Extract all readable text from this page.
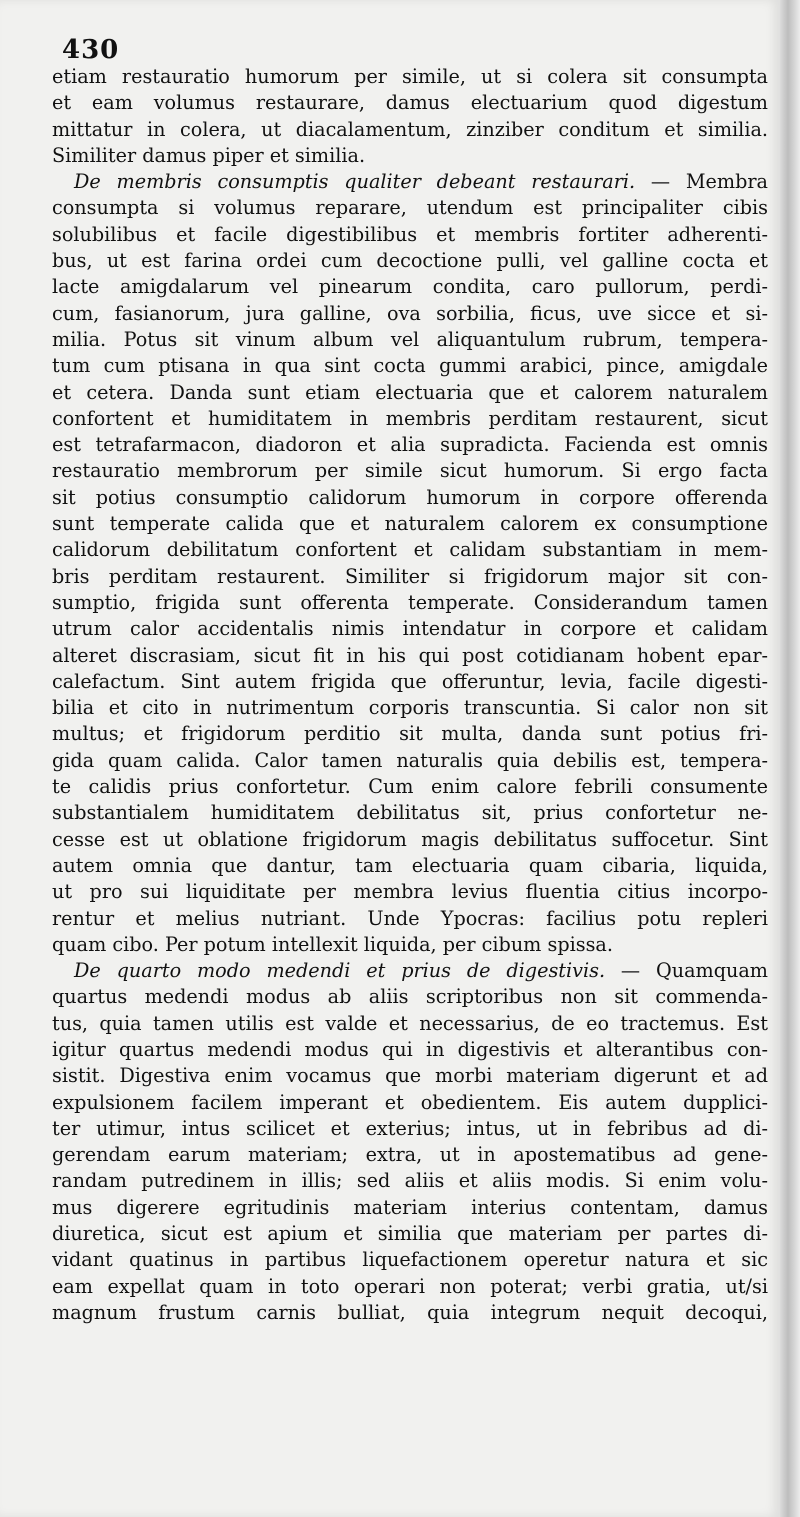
430
etiam restauratio humorum per simile, ut si colera sit consumpta
et eam volumus restaurare, damus electuarium quod digestum
mittatur in colera, ut diacalamentum, zinziber conditum et similia.
Similiter damus piper et similia.
De membris consumptis qualiter debeant restaurari. — Membra
consumpta si volumus reparare, utendum est principaliter cibis
solubilibus et facile digestibilibus et membris fortiter adherenti-
bus, ut est farina ordei cum decoctione pulli, vel galline cocta et
lacte amigdalarum vel pinearum condita, caro pullorum, perdi-
cum, fasianorum, jura galline, ova sorbilia, ficus, uve sicce et si-
milia. Potus sit vinum album vel aliquantulum rubrum, tempera-
tum cum ptisana in qua sint cocta gummi arabici, pince, amigdale
et cetera. Danda sunt etiam electuaria que et calorem naturalem
confortent et humiditatem in membris perditam restaurent, sicut
est tetrafarmacon, diadoron et alia supradicta. Facienda est omnis
restauratio membrorum per simile sicut humorum. Si ergo facta
sit potius consumptio calidorum humorum in corpore offerenda
sunt temperate calida que et naturalem calorem ex consumptione
calidorum debilitatum confortent et calidam substantiam in mem-
bris perditam restaurent. Similiter si frigidorum major sit con-
sumptio, frigida sunt offerenta temperate. Considerandum tamen
utrum calor accidentalis nimis intendatur in corpore et calidam
alteret discrasiam, sicut fit in his qui post cotidianam hobent epar-
calefactum. Sint autem frigida que offeruntur, levia, facile digesti-
bilia et cito in nutrimentum corporis transcuntia. Si calor non sit
multus; et frigidorum perditio sit multa, danda sunt potius fri-
gida quam calida. Calor tamen naturalis quia debilis est, tempera-
te calidis prius confortetur. Cum enim calore febrili consumente
substantialem humiditatem debilitatus sit, prius confortetur ne-
cesse est ut oblatione frigidorum magis debilitatus suffocetur. Sint
autem omnia que dantur, tam electuaria quam cibaria, liquida,
ut pro sui liquiditate per membra levius fluentia citius incorpo-
rentur et melius nutriant. Unde Ypocras: facilius potu repleri
quam cibo. Per potum intellexit liquida, per cibum spissa.
De quarto modo medendi et prius de digestivis. — Quamquam
quartus medendi modus ab aliis scriptoribus non sit commenda-
tus, quia tamen utilis est valde et necessarius, de eo tractemus. Est
igitur quartus medendi modus qui in digestivis et alterantibus con-
sistit. Digestiva enim vocamus que morbi materiam digerunt et ad
expulsionem facilem imperant et obedientem. Eis autem dupplici-
ter utimur, intus scilicet et exterius; intus, ut in febribus ad di-
gerendam earum materiam; extra, ut in apostematibus ad gene-
randam putredinem in illis; sed aliis et aliis modis. Si enim volu-
mus digerere egritudinis materiam interius contentam, damus
diuretica, sicut est apium et similia que materiam per partes di-
vidant quatinus in partibus liquefactionem operetur natura et sic
eam expellat quam in toto operari non poterat; verbi gratia, ut/si
magnum frustum carnis bulliat, quia integrum nequit decoqui,
